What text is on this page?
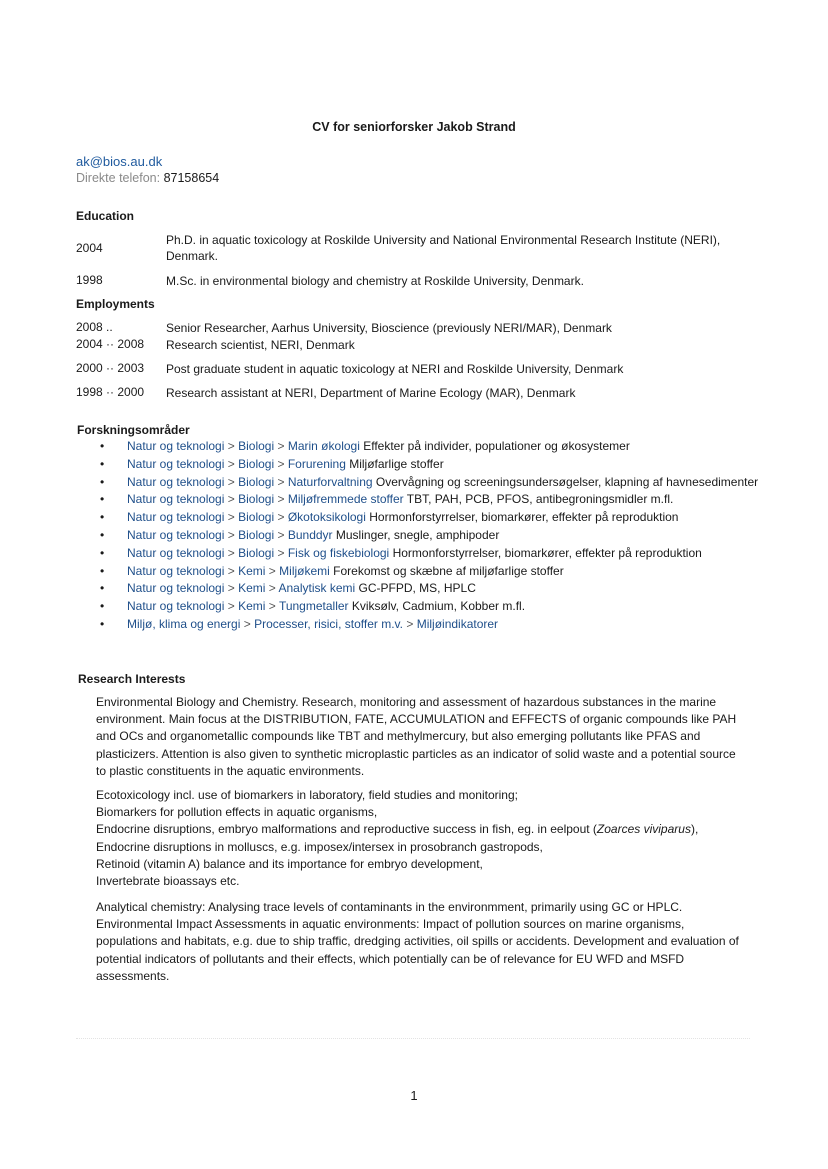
CV for seniorforsker Jakob Strand
ak@bios.au.dk
Direkte telefon: 87158654
Education
2004
Ph.D. in aquatic toxicology at Roskilde University and National Environmental Research Institute (NERI), Denmark.
1998	M.Sc. in environmental biology and chemistry at Roskilde University, Denmark.
Employments
2008 ..	Senior Researcher, Aarhus University, Bioscience (previously NERI/MAR), Denmark
2004 ·· 2008 Research scientist, NERI, Denmark
2000 ·· 2003 Post graduate student in aquatic toxicology at NERI and Roskilde University, Denmark
1998 ·· 2000 Research assistant at NERI, Department of Marine Ecology (MAR), Denmark
Forskningsområder
• Natur og teknologi > Biologi > Marin økologi Effekter på individer, populationer og økosystemer
• Natur og teknologi > Biologi > Forurening Miljøfarlige stoffer
• Natur og teknologi > Biologi > Naturforvaltning Overvågning og screeningsundersøgelser, klapning af havnesedimenter
• Natur og teknologi > Biologi > Miljøfremmede stoffer TBT, PAH, PCB, PFOS, antibegroningsmidler m.fl.
• Natur og teknologi > Biologi > Økotoksikologi Hormonforstyrrelser, biomarkører, effekter på reproduktion
• Natur og teknologi > Biologi > Bunddyr Muslinger, snegle, amphipoder
• Natur og teknologi > Biologi > Fisk og fiskebiologi Hormonforstyrrelser, biomarkører, effekter på reproduktion
• Natur og teknologi > Kemi > Miljøkemi Forekomst og skæbne af miljøfarlige stoffer
• Natur og teknologi > Kemi > Analytisk kemi GC-PFPD, MS, HPLC
• Natur og teknologi > Kemi > Tungmetaller Kviksølv, Cadmium, Kobber m.fl.
• Miljø, klima og energi > Processer, risici, stoffer m.v. > Miljøindikatorer
Research Interests
Environmental Biology and Chemistry. Research, monitoring and assessment of hazardous substances in the marine environment. Main focus at the DISTRIBUTION, FATE, ACCUMULATION and EFFECTS of organic compounds like PAH and OCs and organometallic compounds like TBT and methylmercury, but also emerging pollutants like PFAS and plasticizers. Attention is also given to synthetic microplastic particles as an indicator of solid waste and a potential source to plastic constituents in the aquatic environments.
Ecotoxicology incl. use of biomarkers in laboratory, field studies and monitoring;
Biomarkers for pollution effects in aquatic organisms,
Endocrine disruptions, embryo malformations and reproductive success in fish, eg. in eelpout (Zoarces viviparus),
Endocrine disruptions in molluscs, e.g. imposex/intersex in prosobranch gastropods,
Retinoid (vitamin A) balance and its importance for embryo development,
Invertebrate bioassays etc.
Analytical chemistry: Analysing trace levels of contaminants in the environmment, primarily using GC or HPLC. Environmental Impact Assessments in aquatic environments: Impact of pollution sources on marine organisms, populations and habitats, e.g. due to ship traffic, dredging activities, oil spills or accidents. Development and evaluation of potential indicators of pollutants and their effects, which potentially can be of relevance for EU WFD and MSFD assessments.
1
